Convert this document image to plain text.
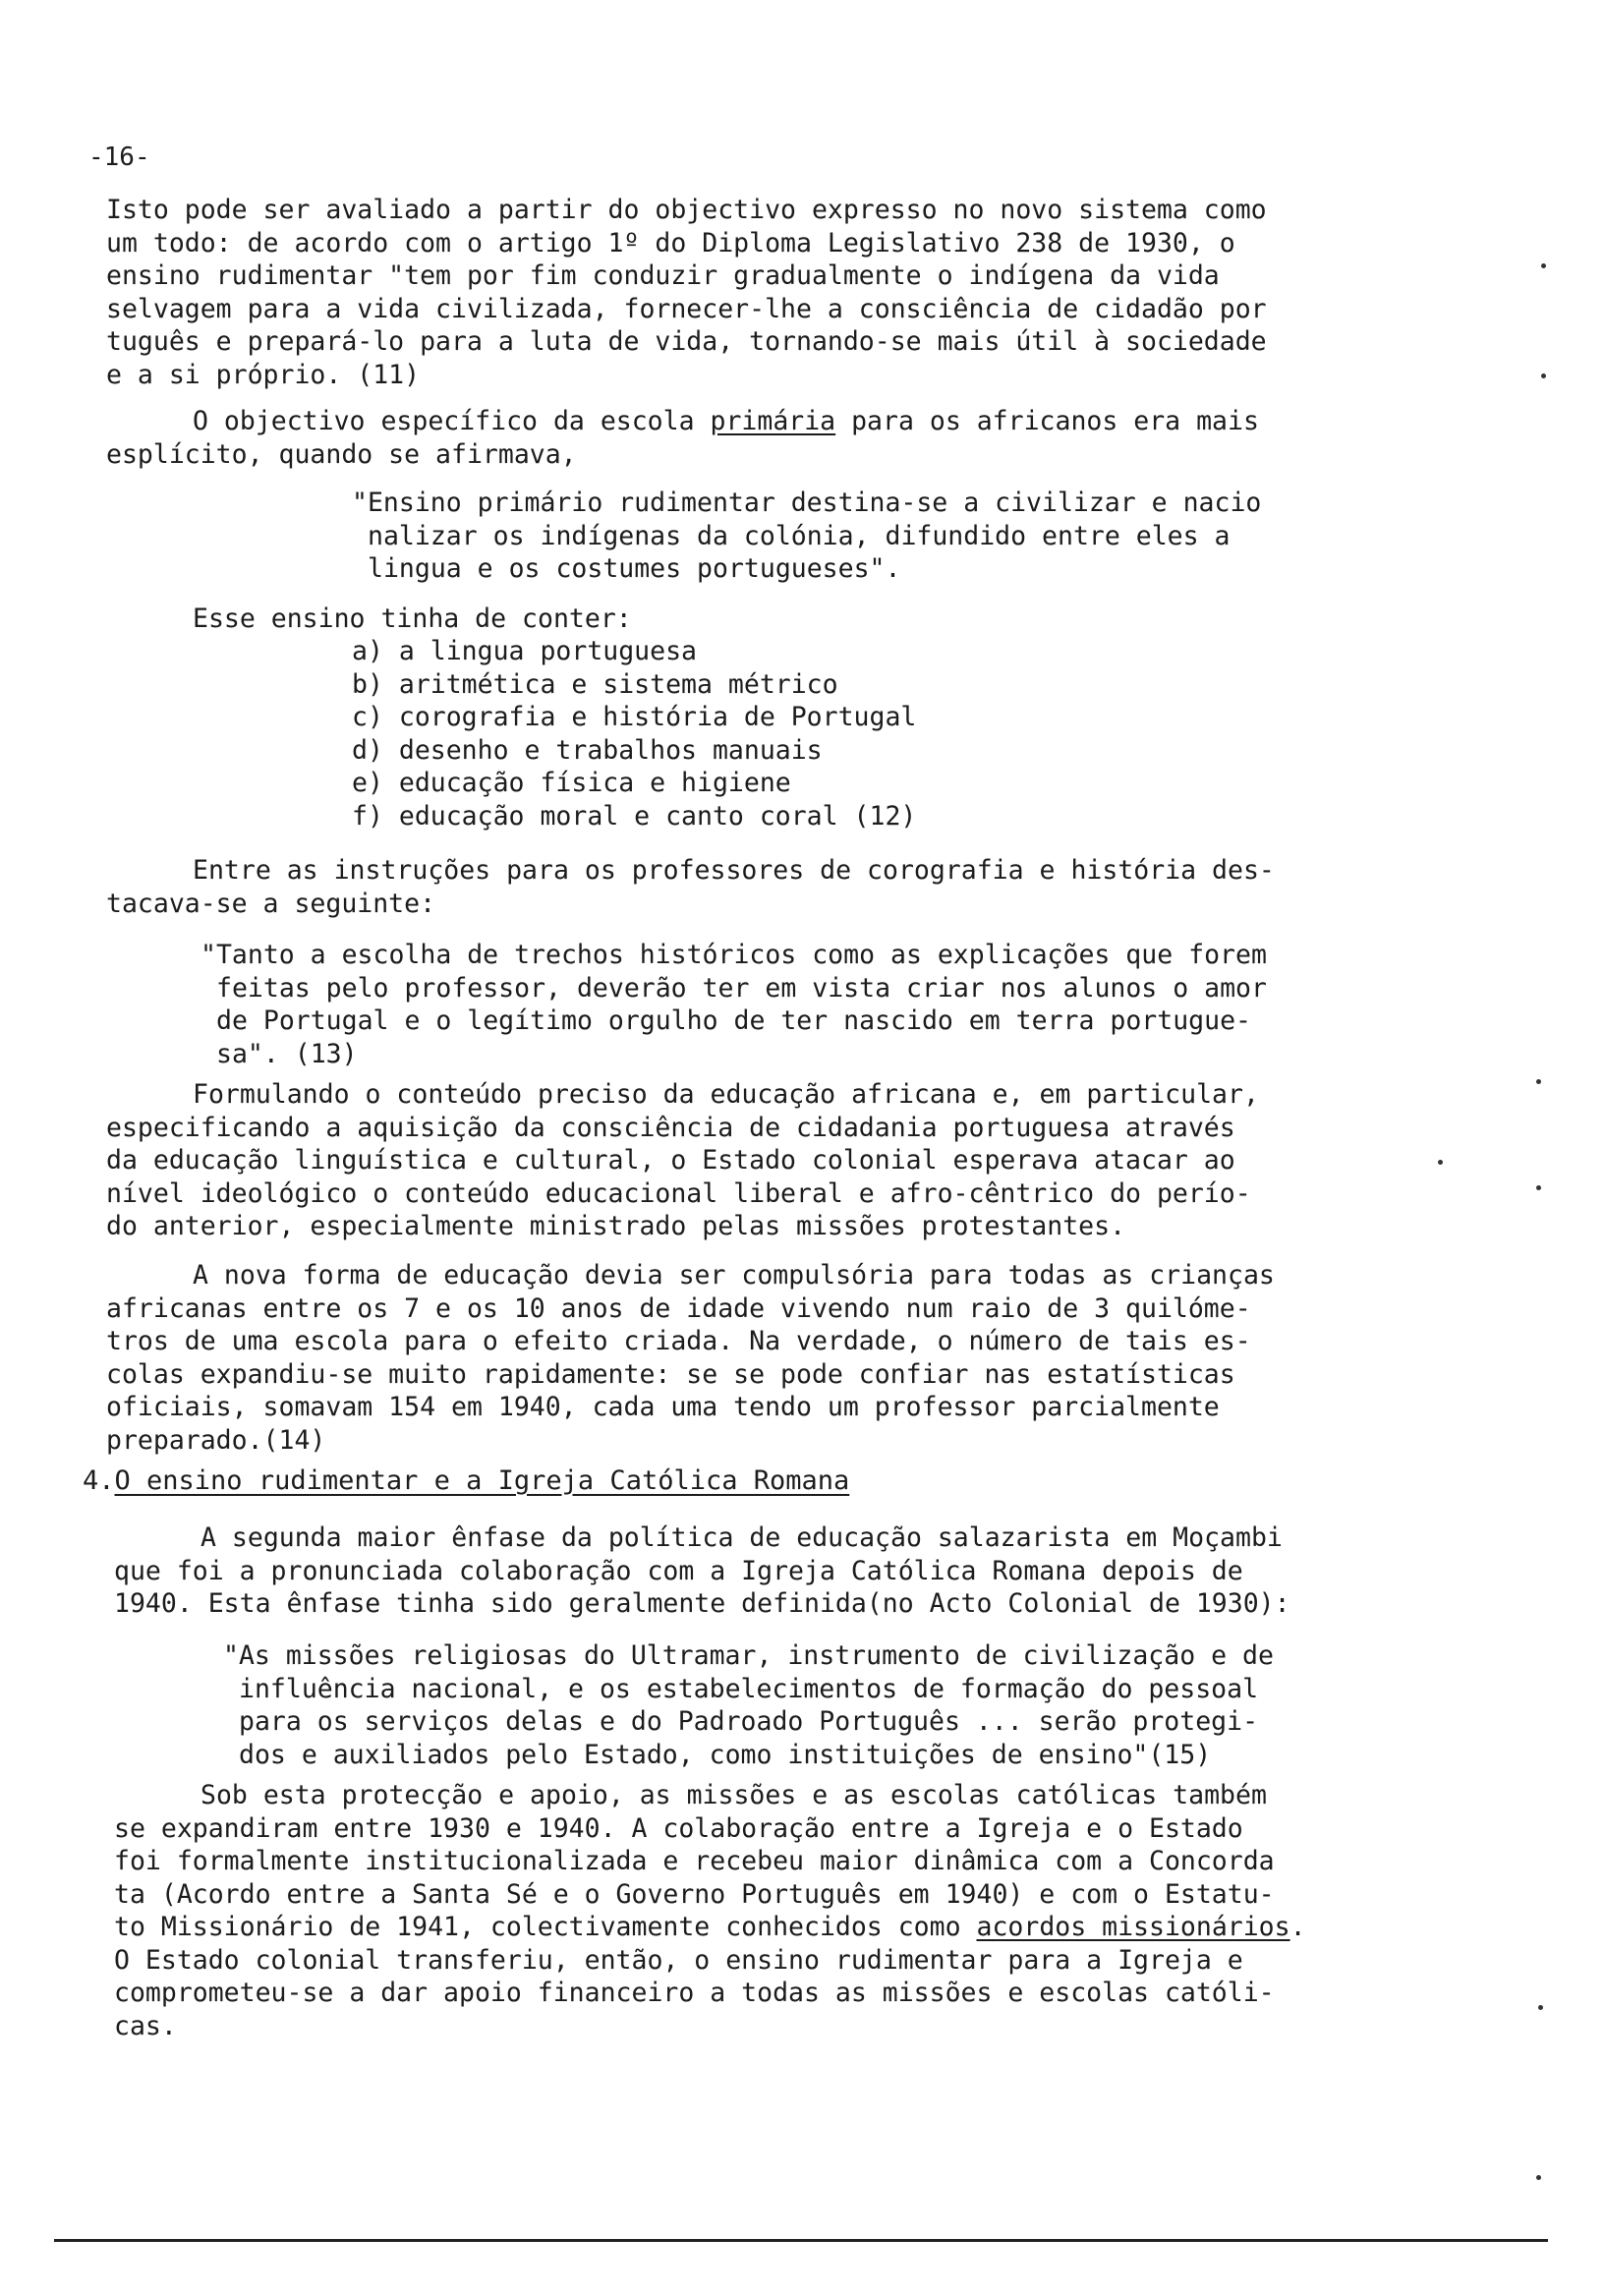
-16-
Isto pode ser avaliado a partir do objectivo expresso no novo sistema como
um todo: de acordo com o artigo 1º do Diploma Legislativo 238 de 1930, o
ensino rudimentar "tem por fim conduzir gradualmente o indígena da vida
selvagem para a vida civilizada, fornecer-lhe a consciência de cidadão por
tuguês e prepará-lo para a luta de vida, tornando-se mais útil à sociedade
e a si próprio. (11)
O objectivo específico da escola primária para os africanos era mais
esplícito, quando se afirmava,
"Ensino primário rudimentar destina-se a civilizar e nacio
nalizar os indígenas da colónia, difundido entre eles a
lingua e os costumes portugueses".
Esse ensino tinha de conter:
a) a lingua portuguesa
b) aritmética e sistema métrico
c) corografia e história de Portugal
d) desenho e trabalhos manuais
e) educação física e higiene
f) educação moral e canto coral (12)
Entre as instruções para os professores de corografia e história des-
tacava-se a seguinte:
"Tanto a escolha de trechos históricos como as explicações que forem
feitas pelo professor, deverão ter em vista criar nos alunos o amor
de Portugal e o legítimo orgulho de ter nascido em terra portugue-
sa". (13)
Formulando o conteúdo preciso da educação africana e, em particular,
especificando a aquisição da consciência de cidadania portuguesa através
da educação linguística e cultural, o Estado colonial esperava atacar ao
nível ideológico o conteúdo educacional liberal e afro-cêntrico do perío-
do anterior, especialmente ministrado pelas missões protestantes.
A nova forma de educação devia ser compulsória para todas as crianças
africanas entre os 7 e os 10 anos de idade vivendo num raio de 3 quilóme-
tros de uma escola para o efeito criada. Na verdade, o número de tais es-
colas expandiu-se muito rapidamente: se se pode confiar nas estatísticas
oficiais, somavam 154 em 1940, cada uma tendo um professor parcialmente
preparado.(14)
4.O ensino rudimentar e a Igreja Católica Romana
A segunda maior ênfase da política de educação salazarista em Moçambi
que foi a pronunciada colaboração com a Igreja Católica Romana depois de
1940. Esta ênfase tinha sido geralmente definida(no Acto Colonial de 1930):
"As missões religiosas do Ultramar, instrumento de civilização e de
influência nacional, e os estabelecimentos de formação do pessoal
para os serviços delas e do Padroado Português ... serão protegi-
dos e auxiliados pelo Estado, como instituições de ensino"(15)
Sob esta protecção e apoio, as missões e as escolas católicas também
se expandiram entre 1930 e 1940. A colaboração entre a Igreja e o Estado
foi formalmente institucionalizada e recebeu maior dinâmica com a Concorda
ta (Acordo entre a Santa Sé e o Governo Português em 1940) e com o Estatu-
to Missionário de 1941, colectivamente conhecidos como acordos missionários.
O Estado colonial transferiu, então, o ensino rudimentar para a Igreja e
comprometeu-se a dar apoio financeiro a todas as missões e escolas católi-
cas.
